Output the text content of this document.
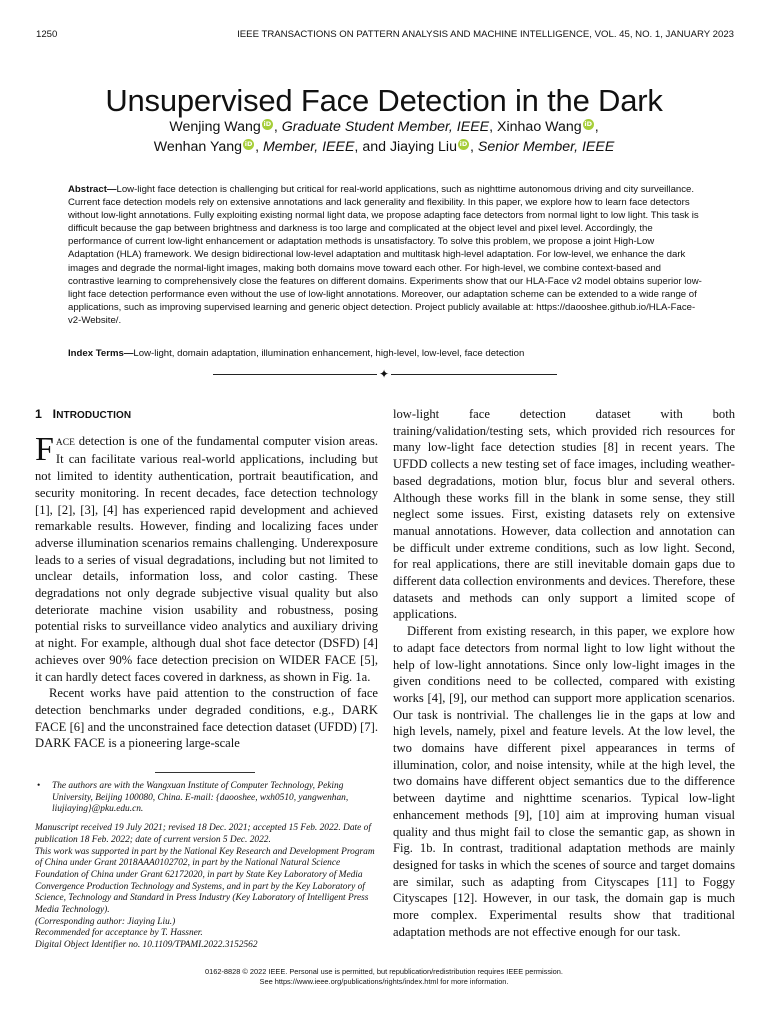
1250	IEEE TRANSACTIONS ON PATTERN ANALYSIS AND MACHINE INTELLIGENCE, VOL. 45, NO. 1, JANUARY 2023
Unsupervised Face Detection in the Dark
Wenjing Wang iD , Graduate Student Member, IEEE, Xinhao Wang iD ,
Wenhan Yang iD , Member, IEEE, and Jiaying Liu iD , Senior Member, IEEE
Abstract—Low-light face detection is challenging but critical for real-world applications, such as nighttime autonomous driving and city surveillance. Current face detection models rely on extensive annotations and lack generality and flexibility. In this paper, we explore how to learn face detectors without low-light annotations. Fully exploiting existing normal light data, we propose adapting face detectors from normal light to low light. This task is difficult because the gap between brightness and darkness is too large and complicated at the object level and pixel level. Accordingly, the performance of current low-light enhancement or adaptation methods is unsatisfactory. To solve this problem, we propose a joint High-Low Adaptation (HLA) framework. We design bidirectional low-level adaptation and multitask high-level adaptation. For low-level, we enhance the dark images and degrade the normal-light images, making both domains move toward each other. For high-level, we combine context-based and contrastive learning to comprehensively close the features on different domains. Experiments show that our HLA-Face v2 model obtains superior low-light face detection performance even without the use of low-light annotations. Moreover, our adaptation scheme can be extended to a wide range of applications, such as improving supervised learning and generic object detection. Project publicly available at: https://daooshee.github.io/HLA-Face-v2-Website/.
Index Terms—Low-light, domain adaptation, illumination enhancement, high-level, low-level, face detection
✦
1 INTRODUCTION

FACE detection is one of the fundamental computer vision areas. It can facilitate various real-world applications, including but not limited to identity authentication, portrait beautification, and security monitoring. In recent decades, face detection technology [1], [2], [3], [4] has experienced rapid development and achieved remarkable results. However, finding and localizing faces under adverse illumination scenarios remains challenging. Underexposure leads to a series of visual degradations, including but not limited to unclear details, information loss, and color casting. These degradations not only degrade subjective visual quality but also deteriorate machine vision usability and robustness, posing potential risks to surveillance video analytics and auxiliary driving at night. For example, although dual shot face detector (DSFD) [4] achieves over 90% face detection precision on WIDER FACE [5], it can hardly detect faces covered in darkness, as shown in Fig. 1a.

Recent works have paid attention to the construction of face detection benchmarks under degraded conditions, e.g., DARK FACE [6] and the unconstrained face detection dataset (UFDD) [7]. DARK FACE is a pioneering large-scale

low-light face detection dataset with both training/validation/testing sets, which provided rich resources for many low-light face detection studies [8] in recent years. The UFDD collects a new testing set of face images, including weather-based degradations, motion blur, focus blur and several others. Although these works fill in the blank in some sense, they still neglect some issues. First, existing datasets rely on extensive manual annotations. However, data collection and annotation can be difficult under extreme conditions, such as low light. Second, for real applications, there are still inevitable domain gaps due to different data collection environments and devices. Therefore, these datasets and methods can only support a limited scope of applications.

Different from existing research, in this paper, we explore how to adapt face detectors from normal light to low light without the help of low-light annotations. Since only low-light images in the given conditions need to be collected, compared with existing works [4], [9], our method can support more application scenarios. Our task is nontrivial. The challenges lie in the gaps at low and high levels, namely, pixel and feature levels. At the low level, the two domains have different pixel appearances in terms of illumination, color, and noise intensity, while at the high level, the two domains have different object semantics due to the difference between daytime and nighttime scenarios. Typical low-light enhancement methods [9], [10] aim at improving human visual quality and thus might fail to close the semantic gap, as shown in Fig. 1b. In contrast, traditional adaptation methods are mainly designed for tasks in which the scenes of source and target domains are similar, such as adapting from Cityscapes [11] to Foggy Cityscapes [12]. However, in our task, the domain gap is much more complex. Experimental results show that traditional adaptation methods are not effective enough for our task.

• The authors are with the Wangxuan Institute of Computer Technology, Peking University, Beijing 100080, China. E-mail: {daooshee, wxh0510, yangwenhan, liujiaying}@pku.edu.cn.

Manuscript received 19 July 2021; revised 18 Dec. 2021; accepted 15 Feb. 2022. Date of publication 18 Feb. 2022; date of current version 5 Dec. 2022.

This work was supported in part by the National Key Research and Development Program of China under Grant 2018AAA0102702, in part by the National Natural Science Foundation of China under Grant 62172020, in part by State Key Laboratory of Media Convergence Production Technology and Systems, and in part by the Key Laboratory of Science, Technology and Standard in Press Industry (Key Laboratory of Intelligent Press Media Technology).

(Corresponding author: Jiaying Liu.)

Recommended for acceptance by T. Hassner.

Digital Object Identifier no. 10.1109/TPAMI.2022.3152562

0162-8828 © 2022 IEEE. Personal use is permitted, but republication/redistribution requires IEEE permission.
See https://www.ieee.org/publications/rights/index.html for more information.
